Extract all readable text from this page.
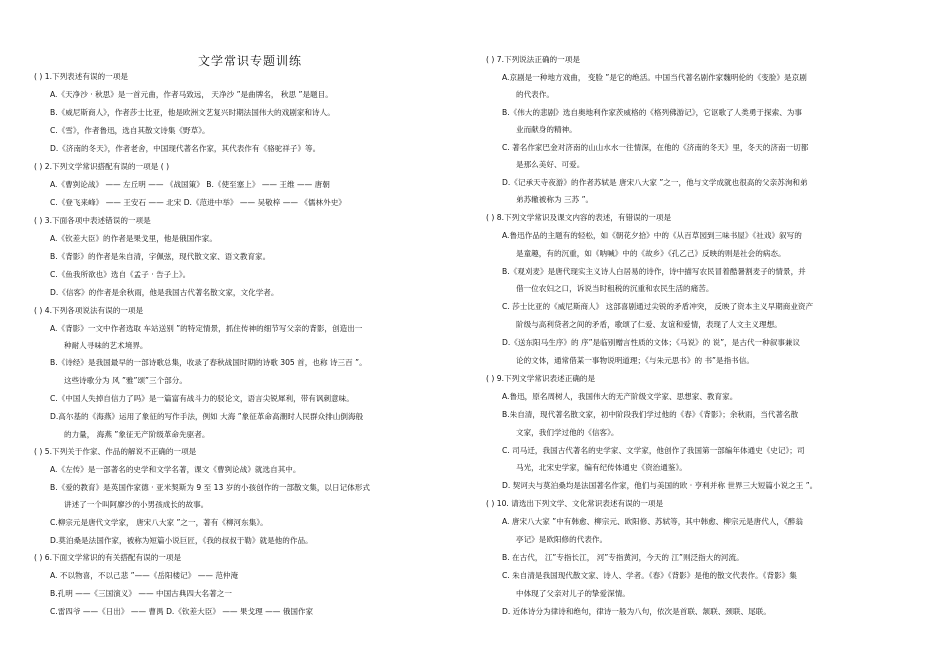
文学常识专题训练
( ) 1.下列表述有误的一项是
A.《天净沙 · 秋思》是一首元曲，作者马致远， 天净沙 ”是曲牌名， 秋思 ”是题目。
B.《威尼斯商人》，作者莎士比亚，他是欧洲文艺复兴时期法国伟大的戏剧家和诗人。
C.《雪》，作者鲁迅，选自其散文诗集《野草》。
D.《济南的冬天》，作者老舍，中国现代著名作家，其代表作有《骆驼祥子》等。
( ) 2.下列文学常识搭配有误的一项是 ( )
A.《曹刿论战》 —— 左丘明 —— 《战国策》 B.《使至塞上》 —— 王维 —— 唐朝
C.《登飞来峰》 —— 王安石 —— 北宋 D.《范进中举》 —— 吴敬梓 —— 《儒林外史》
( ) 3.下面各项中表述错误的一项是
A.《钦差大臣》的作者是果戈里，他是俄国作家。
B.《背影》的作者是朱自清，字佩弦，现代散文家、语文教育家。
C.《鱼我所欲也》选自《孟子 · 告子上》。
D.《信客》的作者是余秋雨，他是我国古代著名散文家，文化学者。
( ) 4.下列各项说法有误的一项是
A.《背影》一文中作者选取 车站送别 ”的特定情景，抓住传神的细节写父亲的背影，创造出一
种耐人寻味的艺术境界。
B.《诗经》是我国最早的一部诗歌总集，收录了春秋战国时期的诗歌 305 首，也称 诗三百 ”。
这些诗歌分为 风 ”雅”颂”三个部分。
C.《中国人失掉自信力了吗》是一篇富有战斗力的驳论文，语言尖锐犀利，带有讽刺意味。
D.高尔基的《海燕》运用了象征的写作手法，例如 大海 ”象征革命高潮时人民群众排山倒海般
的力量， 海燕 ”象征无产阶级革命先驱者。
( ) 5.下列关于作家、作品的解说不正确的一项是
A.《左传》是一部著名的史学和文学名著，课文《曹刿论战》就选自其中。
B.《爱的教育》是英国作家德 · 亚米契斯为 9 至 13 岁的小孩创作的一部散文集，以日记体形式
讲述了一个叫阿廖沙的小男孩成长的故事。
C.柳宗元是唐代文学家， 唐宋八大家 ”之一，著有《柳河东集》。
D.莫泊桑是法国作家，被称为短篇小说巨匠，《我的叔叔于勒》就是他的作品。
( ) 6.下面文学常识的有关搭配有误的一项是
A. 不以物喜，不以己悲 ”——《岳阳楼记》 —— 范仲淹
B.孔明 ——《三国演义》 —— 中国古典四大名著之一
C.雷四爷 ——《日出》 —— 曹禺 D.《钦差大臣》 —— 果戈理 —— 俄国作家
( ) 7.下列说法正确的一项是
A.京剧是一种地方戏曲， 变脸 ”是它的绝活。中国当代著名剧作家魏明伦的《变脸》是京剧
的代表作。
B.《伟大的悲剧》选自奥地利作家茨威格的《格列佛游记》，它讴歌了人类勇于探索、为事
业而献身的精神。
C. 著名作家巴金对济南的山山水水一往情深，在他的《济南的冬天》里，冬天的济南一切都
是那么美好、可爱。
D.《记承天寺夜游》的作者苏轼是 唐宋八大家 ”之一，他与文学成就也很高的父亲苏洵和弟
弟苏辙被称为 三苏 ”。
( ) 8.下列文学常识及课文内容的表述，有错误的一项是
A.鲁迅作品的主题有的轻松，如《朝花夕拾》中的《从百草园到三味书屋》《社戏》叙写的
是童趣，有的沉重，如《呐喊》中的《故乡》《孔乙己》反映的则是社会的病态。
B.《观刈麦》是唐代现实主义诗人白居易的诗作，诗中描写农民冒着酷暑割麦子的情景，并
借一位农妇之口，诉说当时租税的沉重和农民生活的痛苦。
C. 莎士比亚的《威尼斯商人》 这部喜剧通过尖锐的矛盾冲突， 反映了资本主义早期商业资产
阶级与高利贷者之间的矛盾，歌颂了仁爱、友谊和爱情，表现了人文主义理想。
D.《送东阳马生序》的 序”是临别赠言性质的文体；《马说》的 说”，是古代一种叙事兼议
论的文体，通常借某一事物说明道理；《与朱元思书》的 书”是指书信。
( ) 9.下列文学常识表述正确的是
A.鲁迅，原名周树人，我国伟大的无产阶级文学家、思想家、教育家。
B.朱自清，现代著名散文家，初中阶段我们学过他的《春》《背影》；余秋雨，当代著名散
文家，我们学过他的《信客》。
C. 司马迁，我国古代著名的史学家、文学家，他创作了我国第一部编年体通史《史记》；司
马光，北宋史学家，编有纪传体通史《资治通鉴》。
D. 契诃夫与莫泊桑均是法国著名作家，他们与美国的欧 · 亨利并称 世界三大短篇小说之王 ”。
( ) 10. 请选出下列文学、文化常识表述有误的一项是
A. 唐宋八大家 ”中有韩愈、柳宗元、欧阳修、苏轼等，其中韩愈、柳宗元是唐代人，《醉翁
亭记》是欧阳修的代表作。
B. 在古代， 江”专指长江， 河”专指黄河，今天的 江”则泛指大的河流。
C. 朱自清是我国现代散文家、诗人、学者。《春》《背影》是他的散文代表作。《背影》集
中体现了父亲对儿子的挚爱深情。
D. 近体诗分为律诗和绝句，律诗一般为八句，依次是首联、颔联、颈联、尾联。
